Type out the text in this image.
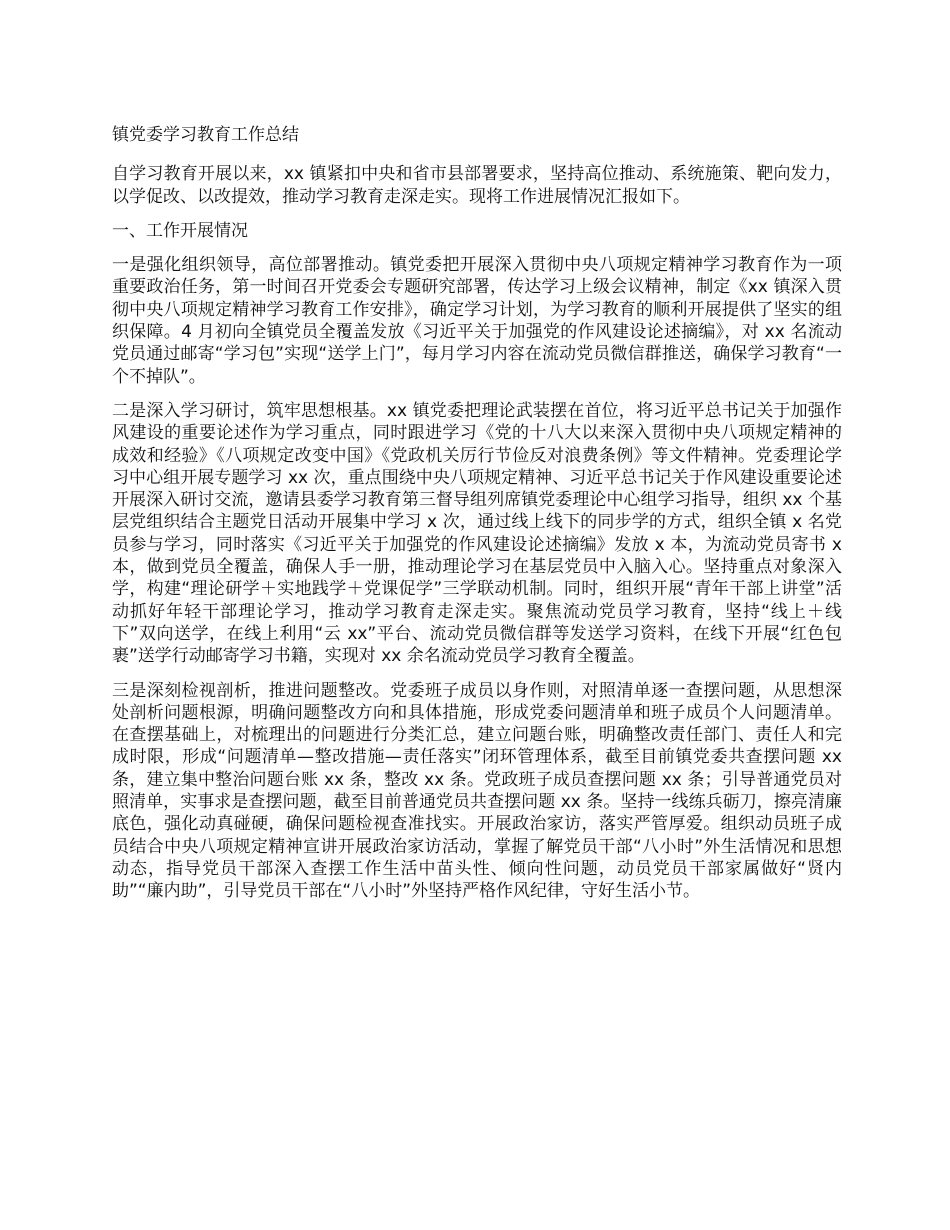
镇党委学习教育工作总结

自学习教育开展以来，xx 镇紧扣中央和省市县部署要求，坚持高位推动、系统施策、靶向发力，以学促改、以改提效，推动学习教育走深走实。现将工作进展情况汇报如下。

一、工作开展情况

一是强化组织领导，高位部署推动。镇党委把开展深入贯彻中央八项规定精神学习教育作为一项重要政治任务，第一时间召开党委会专题研究部署，传达学习上级会议精神，制定《xx 镇深入贯彻中央八项规定精神学习教育工作安排》，确定学习计划，为学习教育的顺利开展提供了坚实的组织保障。4 月初向全镇党员全覆盖发放《习近平关于加强党的作风建设论述摘编》，对 xx 名流动党员通过邮寄“学习包”实现“送学上门”，每月学习内容在流动党员微信群推送，确保学习教育“一个不掉队”。

二是深入学习研讨，筑牢思想根基。xx 镇党委把理论武装摆在首位，将习近平总书记关于加强作风建设的重要论述作为学习重点，同时跟进学习《党的十八大以来深入贯彻中央八项规定精神的成效和经验》《八项规定改变中国》《党政机关厉行节俭反对浪费条例》等文件精神。党委理论学习中心组开展专题学习 xx 次，重点围绕中央八项规定精神、习近平总书记关于作风建设重要论述开展深入研讨交流，邀请县委学习教育第三督导组列席镇党委理论中心组学习指导，组织 xx 个基层党组织结合主题党日活动开展集中学习 x 次，通过线上线下的同步学的方式，组织全镇 x 名党员参与学习，同时落实《习近平关于加强党的作风建设论述摘编》发放 x 本，为流动党员寄书 x 本，做到党员全覆盖，确保人手一册，推动理论学习在基层党员中入脑入心。坚持重点对象深入学，构建“理论研学＋实地践学＋党课促学”三学联动机制。同时，组织开展“青年干部上讲堂”活动抓好年轻干部理论学习，推动学习教育走深走实。聚焦流动党员学习教育，坚持“线上＋线下”双向送学，在线上利用“云 xx”平台、流动党员微信群等发送学习资料，在线下开展“红色包裹”送学行动邮寄学习书籍，实现对 xx 余名流动党员学习教育全覆盖。

三是深刻检视剖析，推进问题整改。党委班子成员以身作则，对照清单逐一查摆问题，从思想深处剖析问题根源，明确问题整改方向和具体措施，形成党委问题清单和班子成员个人问题清单。在查摆基础上，对梳理出的问题进行分类汇总，建立问题台账，明确整改责任部门、责任人和完成时限，形成“问题清单—整改措施—责任落实”闭环管理体系，截至目前镇党委共查摆问题 xx 条，建立集中整治问题台账 xx 条，整改 xx 条。党政班子成员查摆问题 xx 条；引导普通党员对照清单，实事求是查摆问题，截至目前普通党员共查摆问题 xx 条。坚持一线练兵砺刀，擦亮清廉底色，强化动真碰硬，确保问题检视查准找实。开展政治家访，落实严管厚爱。组织动员班子成员结合中央八项规定精神宣讲开展政治家访活动，掌握了解党员干部“八小时”外生活情况和思想动态，指导党员干部深入查摆工作生活中苗头性、倾向性问题，动员党员干部家属做好“贤内助”“廉内助”，引导党员干部在“八小时”外坚持严格作风纪律，守好生活小节。
